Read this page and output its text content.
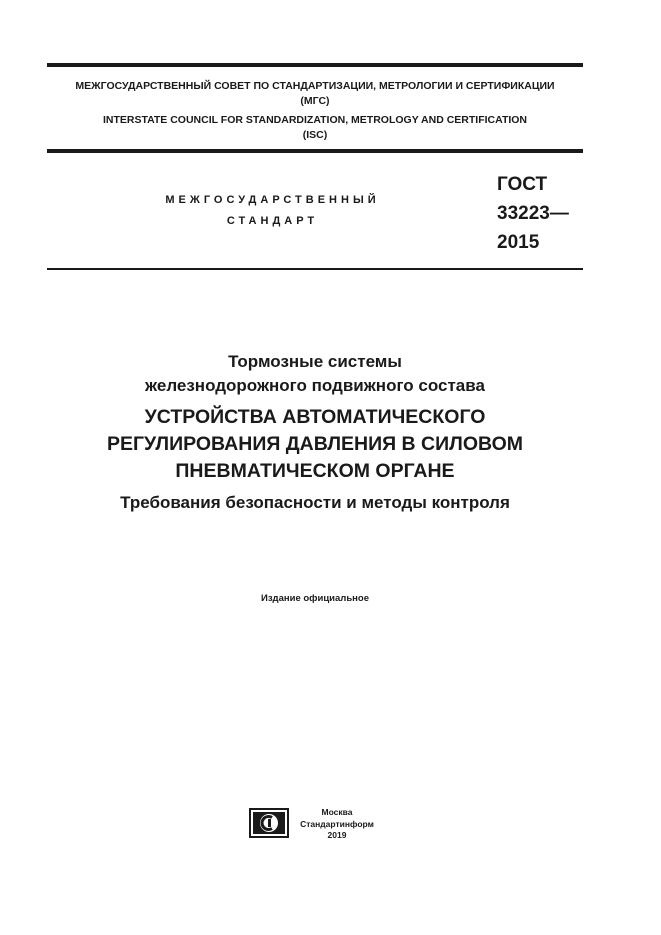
МЕЖГОСУДАРСТВЕННЫЙ СОВЕТ ПО СТАНДАРТИЗАЦИИ, МЕТРОЛОГИИ И СЕРТИФИКАЦИИ
(МГС)
INTERSTATE COUNCIL FOR STANDARDIZATION, METROLOGY AND CERTIFICATION
(ISC)
МЕЖГОСУДАРСТВЕННЫЙ
СТАНДАРТ
ГОСТ
33223—
2015
Тормозные системы
железнодорожного подвижного состава
УСТРОЙСТВА АВТОМАТИЧЕСКОГО
РЕГУЛИРОВАНИЯ ДАВЛЕНИЯ В СИЛОВОМ
ПНЕВМАТИЧЕСКОМ ОРГАНЕ
Требования безопасности и методы контроля
Издание официальное
Москва
Стандартинформ
2019
